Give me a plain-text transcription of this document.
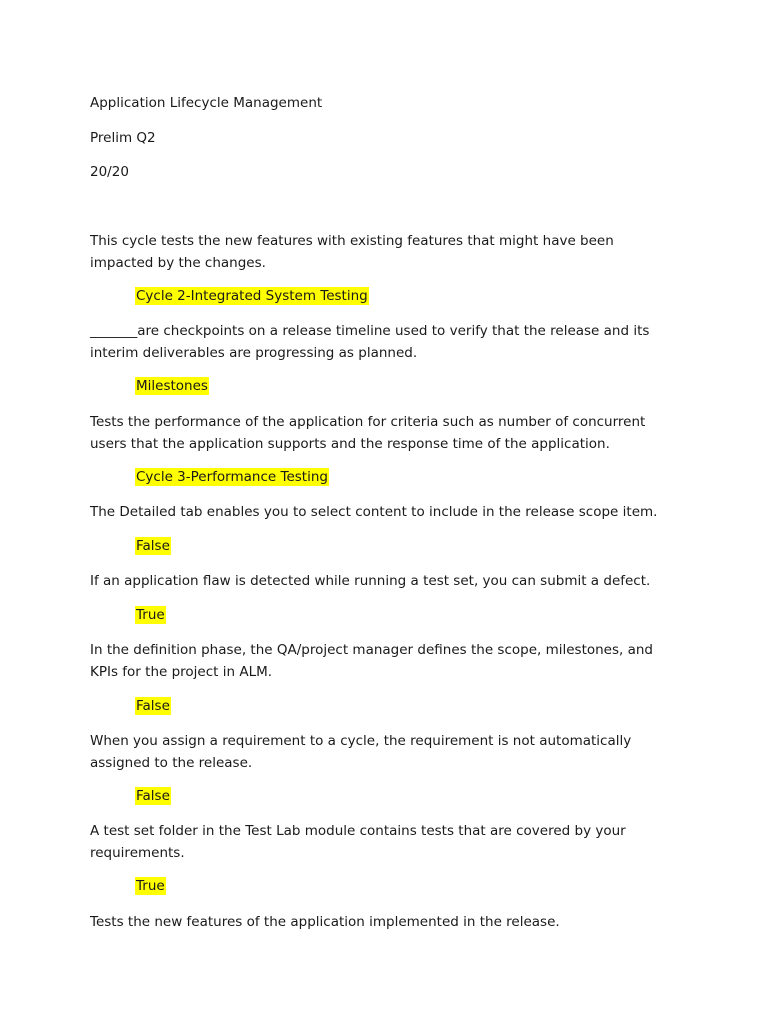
Application Lifecycle Management
Prelim Q2
20/20
This cycle tests the new features with existing features that might have been impacted by the changes.
Cycle 2-Integrated System Testing
_______are checkpoints on a release timeline used to verify that the release and its interim deliverables are progressing as planned.
Milestones
Tests the performance of the application for criteria such as number of concurrent users that the application supports and the response time of the application.
Cycle 3-Performance Testing
The Detailed tab enables you to select content to include in the release scope item.
False
If an application flaw is detected while running a test set, you can submit a defect.
True
In the definition phase, the QA/project manager defines the scope, milestones, and KPIs for the project in ALM.
False
When you assign a requirement to a cycle, the requirement is not automatically assigned to the release.
False
A test set folder in the Test Lab module contains tests that are covered by your requirements.
True
Tests the new features of the application implemented in the release.
